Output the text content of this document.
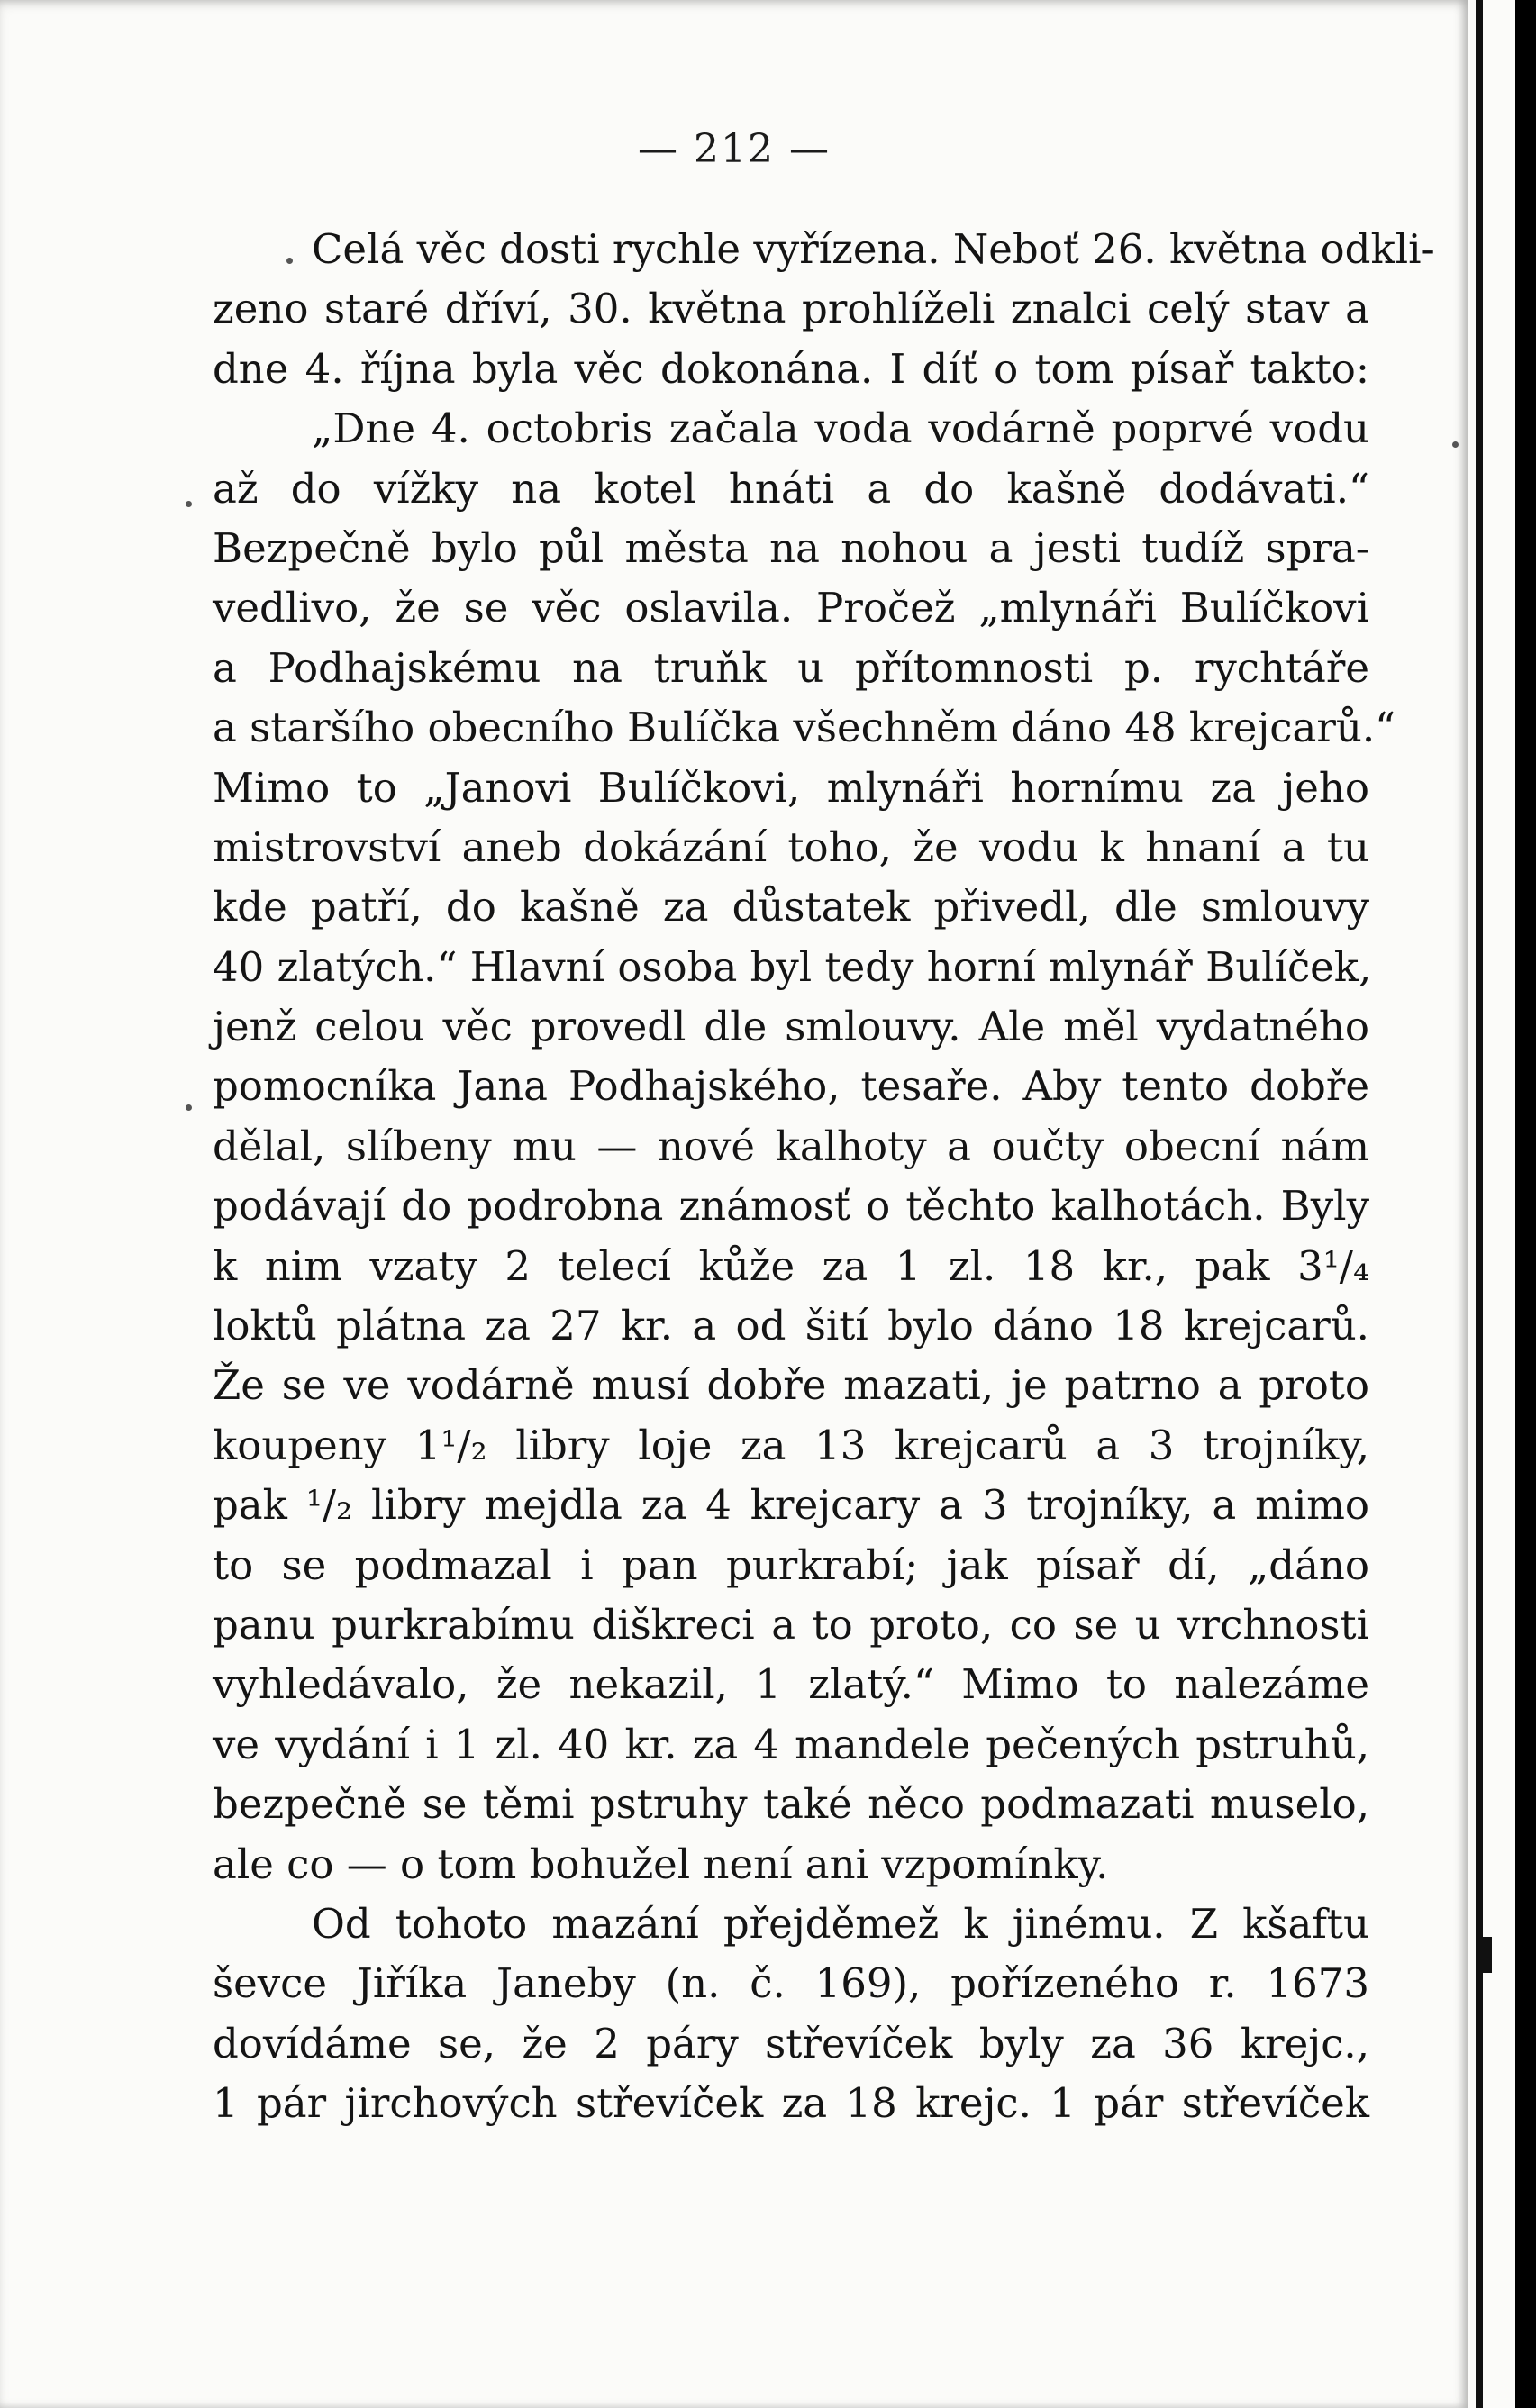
— 212 —
Celá věc dosti rychle vyřízena. Neboť 26. května odkli-
zeno staré dříví, 30. května prohlíželi znalci celý stav a
dne 4. října byla věc dokonána. I díť o tom písař takto:
„Dne 4. octobris začala voda vodárně poprvé vodu
až do vížky na kotel hnáti a do kašně dodávati.“
Bezpečně bylo půl města na nohou a jesti tudíž spra-
vedlivo, že se věc oslavila. Pročež „mlynáři Bulíčkovi
a Podhajskému na truňk u přítomnosti p. rychtáře
a staršího obecního Bulíčka všechněm dáno 48 krejcarů.“
Mimo to „Janovi Bulíčkovi, mlynáři hornímu za jeho
mistrovství aneb dokázání toho, že vodu k hnaní a tu
kde patří, do kašně za důstatek přivedl, dle smlouvy
40 zlatých.“ Hlavní osoba byl tedy horní mlynář Bulíček,
jenž celou věc provedl dle smlouvy. Ale měl vydatného
pomocníka Jana Podhajského, tesaře. Aby tento dobře
dělal, slíbeny mu — nové kalhoty a oučty obecní nám
podávají do podrobna známosť o těchto kalhotách. Byly
k nim vzaty 2 telecí kůže za 1 zl. 18 kr., pak 3¹/₄
loktů plátna za 27 kr. a od šití bylo dáno 18 krejcarů.
Že se ve vodárně musí dobře mazati, je patrno a proto
koupeny 1¹/₂ libry loje za 13 krejcarů a 3 trojníky,
pak ¹/₂ libry mejdla za 4 krejcary a 3 trojníky, a mimo
to se podmazal i pan purkrabí; jak písař dí, „dáno
panu purkrabímu diškreci a to proto, co se u vrchnosti
vyhledávalo, že nekazil, 1 zlatý.“ Mimo to nalezáme
ve vydání i 1 zl. 40 kr. za 4 mandele pečených pstruhů,
bezpečně se těmi pstruhy také něco podmazati muselo,
ale co — o tom bohužel není ani vzpomínky.
Od tohoto mazání přejděmež k jinému. Z kšaftu
ševce Jiříka Janeby (n. č. 169), pořízeného r. 1673
dovídáme se, že 2 páry střevíček byly za 36 krejc.,
1 pár jirchových střevíček za 18 krejc. 1 pár střevíček
